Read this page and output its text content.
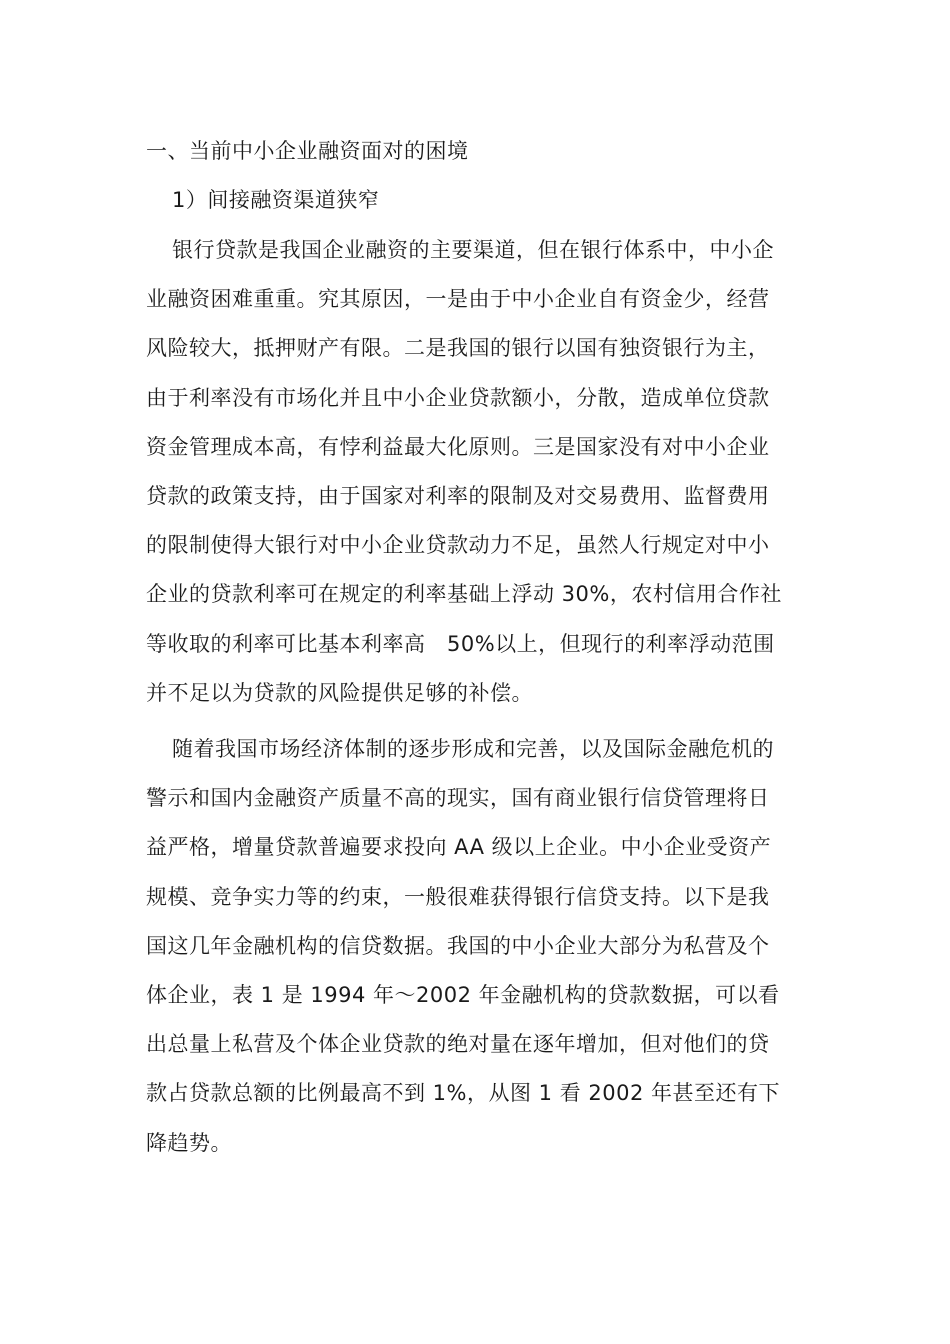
一、当前中小企业融资面对的困境
1）间接融资渠道狭窄
银行贷款是我国企业融资的主要渠道，但在银行体系中，中小企
业融资困难重重。究其原因，一是由于中小企业自有资金少，经营
风险较大，抵押财产有限。二是我国的银行以国有独资银行为主，
由于利率没有市场化并且中小企业贷款额小，分散，造成单位贷款
资金管理成本高，有悖利益最大化原则。三是国家没有对中小企业
贷款的政策支持，由于国家对利率的限制及对交易费用、监督费用
的限制使得大银行对中小企业贷款动力不足，虽然人行规定对中小
企业的贷款利率可在规定的利率基础上浮动 30%，农村信用合作社
等收取的利率可比基本利率高　50%以上，但现行的利率浮动范围
并不足以为贷款的风险提供足够的补偿。
随着我国市场经济体制的逐步形成和完善，以及国际金融危机的
警示和国内金融资产质量不高的现实，国有商业银行信贷管理将日
益严格，增量贷款普遍要求投向 AA 级以上企业。中小企业受资产
规模、竞争实力等的约束，一般很难获得银行信贷支持。以下是我
国这几年金融机构的信贷数据。我国的中小企业大部分为私营及个
体企业，表 1 是 1994 年～2002 年金融机构的贷款数据，可以看
出总量上私营及个体企业贷款的绝对量在逐年增加，但对他们的贷
款占贷款总额的比例最高不到 1%，从图 1 看 2002 年甚至还有下
降趋势。
